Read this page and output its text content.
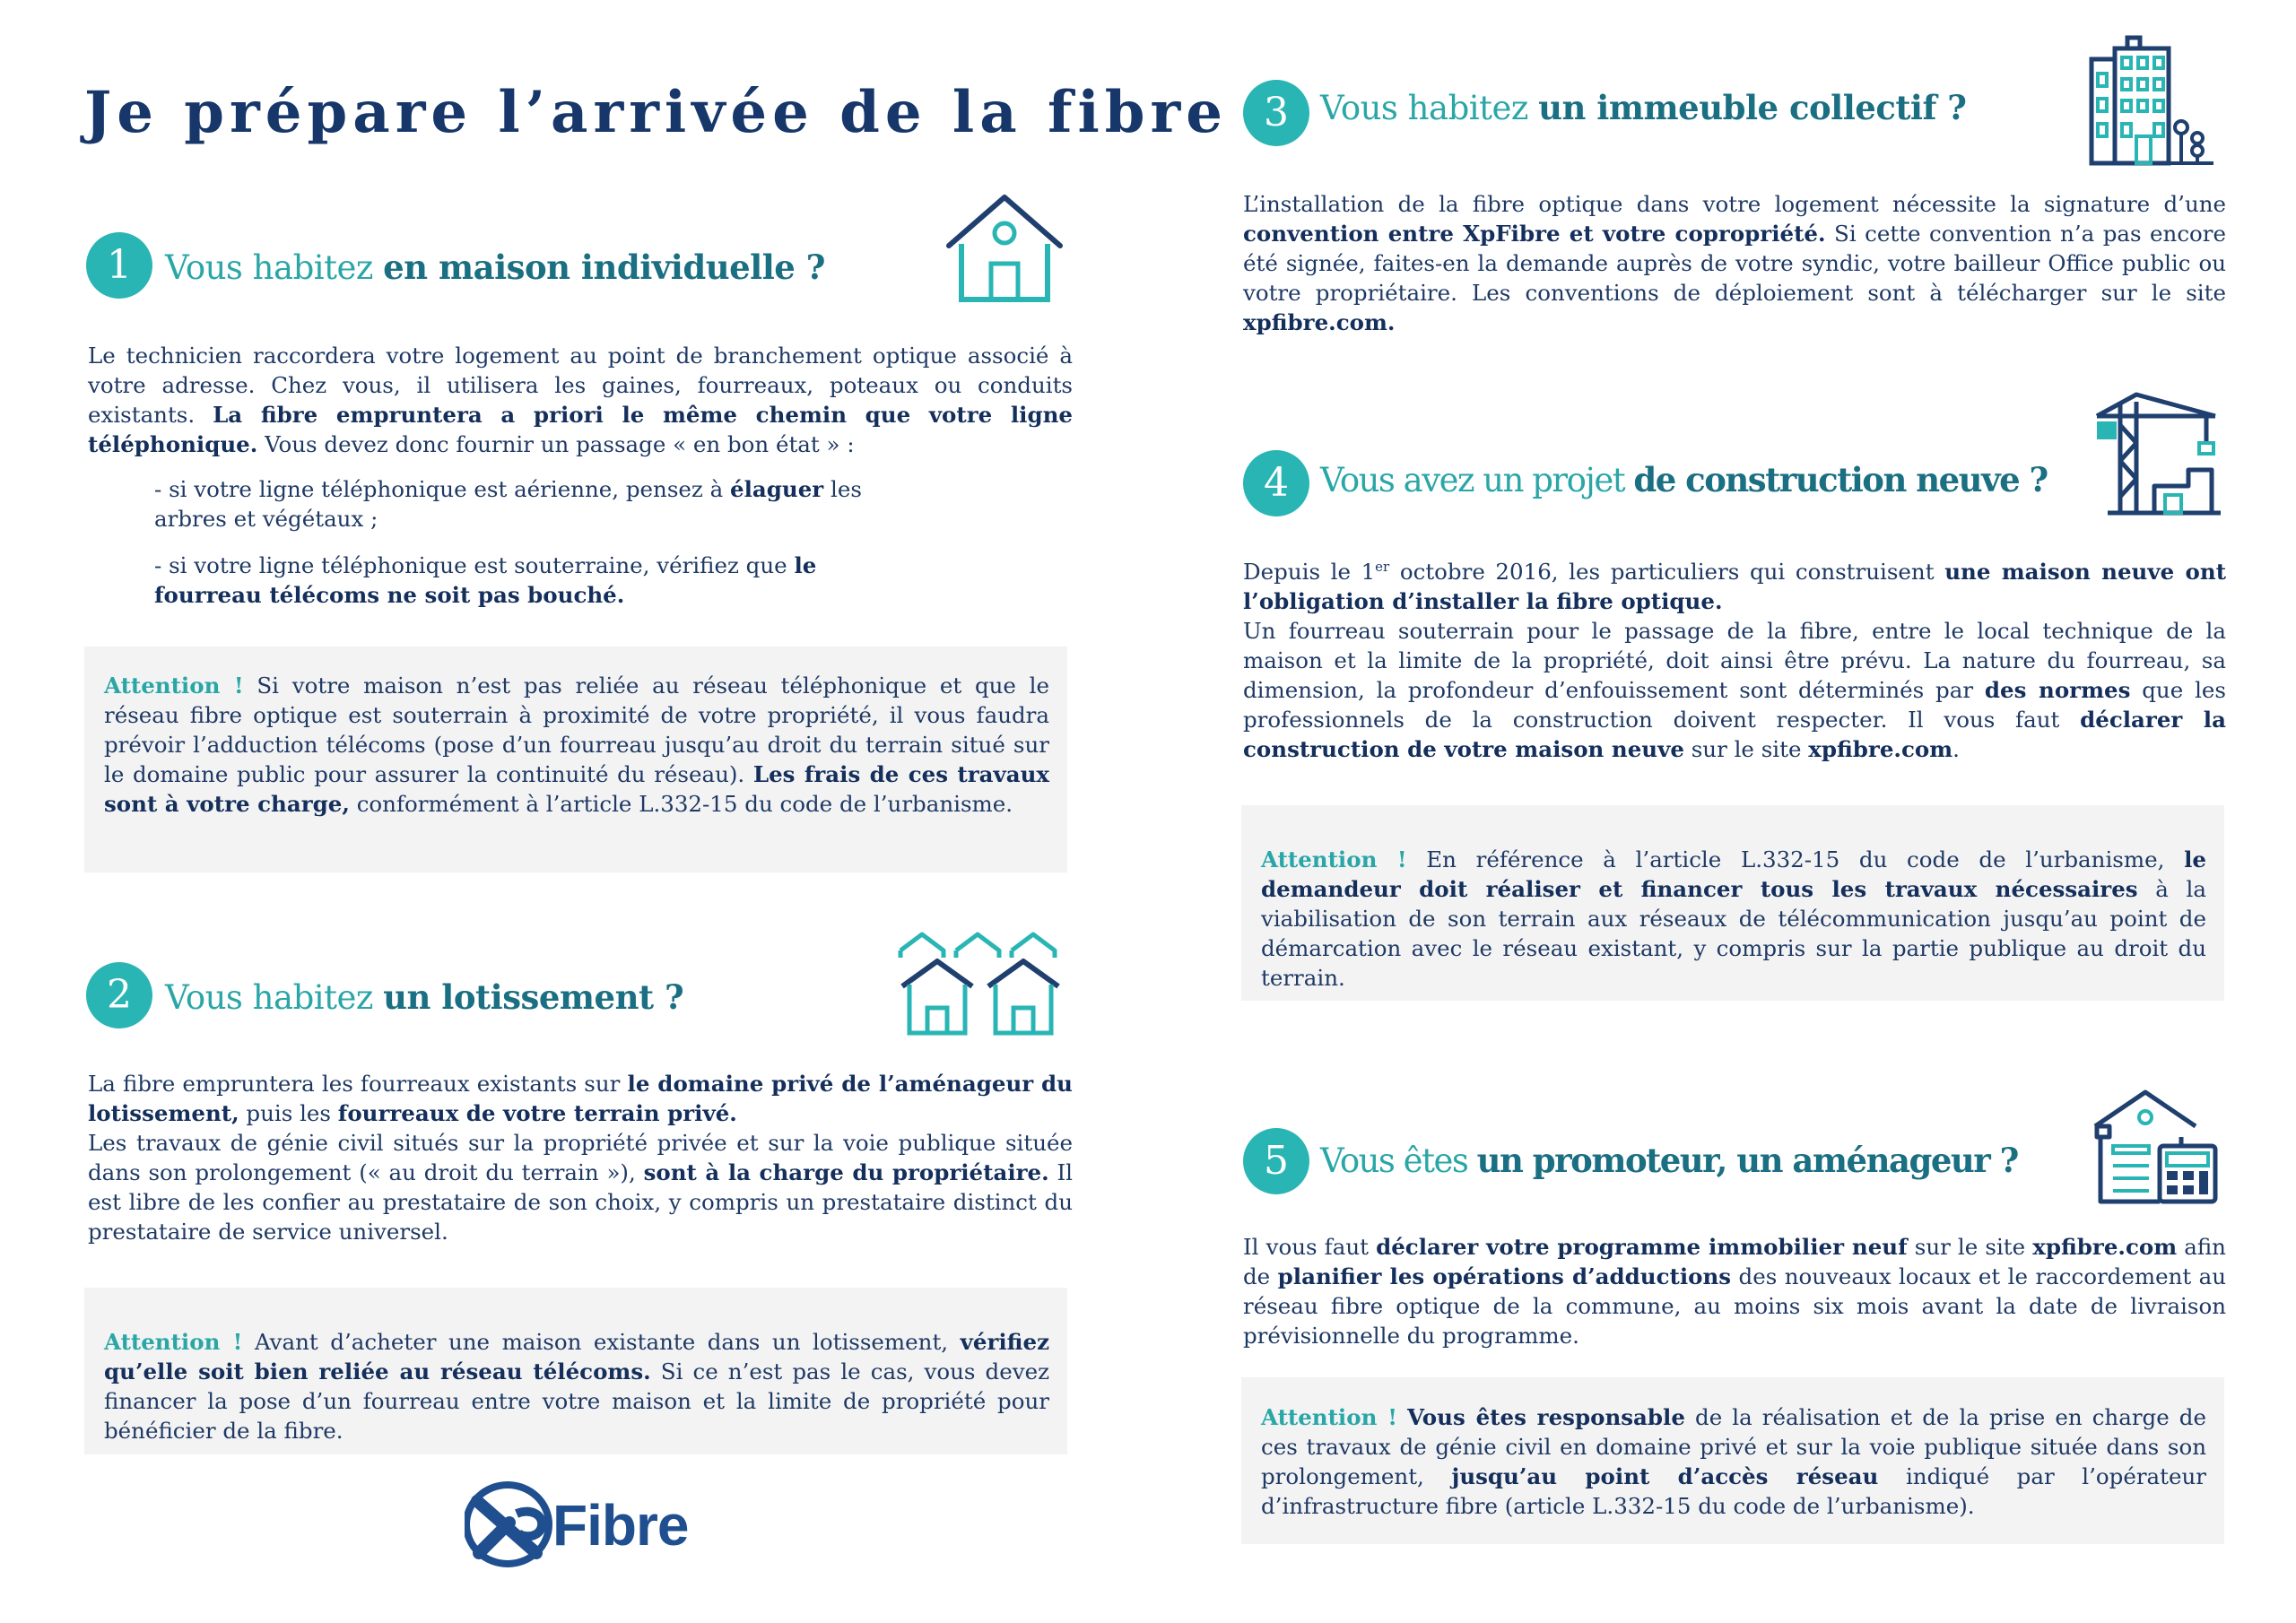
Je prépare l’arrivée de la fibre
1	Vous habitez en maison individuelle ?
Le technicien raccordera votre logement au point de branchement optique associé à votre adresse. Chez vous, il utilisera les gaines, fourreaux, poteaux ou conduits existants. La fibre empruntera a priori le même chemin que votre ligne téléphonique. Vous devez donc fournir un passage « en bon état » :
- si votre ligne téléphonique est aérienne, pensez à élaguer les arbres et végétaux ;
- si votre ligne téléphonique est souterraine, vérifiez que le fourreau télécoms ne soit pas bouché.
Attention ! Si votre maison n’est pas reliée au réseau téléphonique et que le réseau fibre optique est souterrain à proximité de votre propriété, il vous faudra prévoir l’adduction télécoms (pose d’un fourreau jusqu’au droit du terrain situé sur le domaine public pour assurer la continuité du réseau). Les frais de ces travaux sont à votre charge, conformément à l’article L.332-15 du code de l’urbanisme.
2	Vous habitez un lotissement ?
La fibre empruntera les fourreaux existants sur le domaine privé de l’aménageur du lotissement, puis les fourreaux de votre terrain privé.
Les travaux de génie civil situés sur la propriété privée et sur la voie publique située dans son prolongement (« au droit du terrain »), sont à la charge du propriétaire. Il est libre de les confier au prestataire de son choix, y compris un prestataire distinct du prestataire de service universel.
Attention ! Avant d’acheter une maison existante dans un lotissement, vérifiez qu’elle soit bien reliée au réseau télécoms. Si ce n’est pas le cas, vous devez financer la pose d’un fourreau entre votre maison et la limite de propriété pour bénéficier de la fibre.
Fibre
3 Vous habitez un immeuble collectif ?
L’installation de la fibre optique dans votre logement nécessite la signature d’une convention entre XpFibre et votre copropriété. Si cette convention n’a pas encore été signée, faites-en la demande auprès de votre syndic, votre bailleur Office public ou votre propriétaire. Les conventions de déploiement sont à télécharger sur le site xpfibre.com.
4 Vous avez un projet de construction neuve ?
Depuis le 1er octobre 2016, les particuliers qui construisent une maison neuve ont l’obligation d’installer la fibre optique.
Un fourreau souterrain pour le passage de la fibre, entre le local technique de la maison et la limite de la propriété, doit ainsi être prévu. La nature du fourreau, sa dimension, la profondeur d’enfouissement sont déterminés par des normes que les professionnels de la construction doivent respecter. Il vous faut déclarer la construction de votre maison neuve sur le site xpfibre.com.
Attention ! En référence à l’article L.332-15 du code de l’urbanisme, le demandeur doit réaliser et financer tous les travaux nécessaires à la viabilisation de son terrain aux réseaux de télécommunication jusqu’au point de démarcation avec le réseau existant, y compris sur la partie publique au droit du terrain.
5 Vous êtes un promoteur, un aménageur ?
Il vous faut déclarer votre programme immobilier neuf sur le site xpfibre.com afin de planifier les opérations d’adductions des nouveaux locaux et le raccordement au réseau fibre optique de la commune, au moins six mois avant la date de livraison prévisionnelle du programme.
Attention ! Vous êtes responsable de la réalisation et de la prise en charge de ces travaux de génie civil en domaine privé et sur la voie publique située dans son prolongement, jusqu’au point d’accès réseau indiqué par l’opérateur d’infrastructure fibre (article L.332-15 du code de l’urbanisme).
